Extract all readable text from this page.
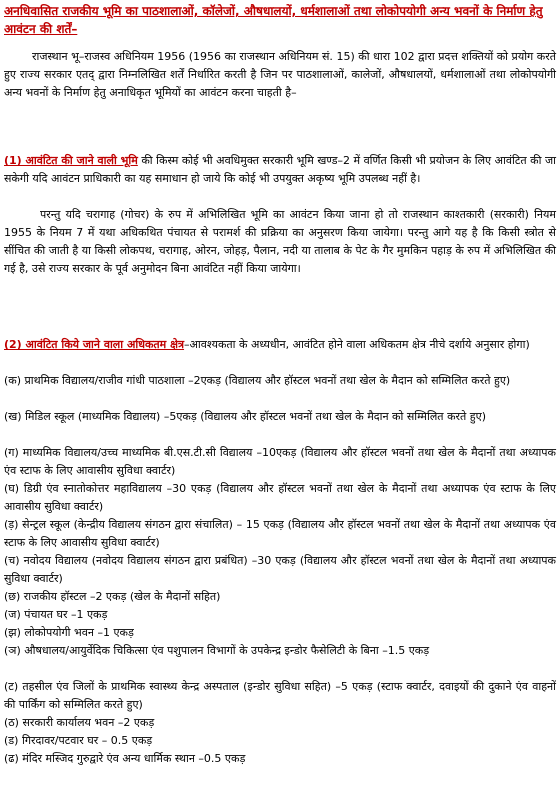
अनधिवासित राजकीय भूमि का पाठशालाओं, कॉलेजों, औषधालयों, धर्मशालाओं तथा लोकोपयोगी अन्य भवनों के निर्माण हेतु आवंटन की शर्तें–
राजस्थान भू–राजस्व अधिनियम 1956 (1956 का राजस्थान अधिनियम सं. 15) की धारा 102 द्वारा प्रदत्त शक्तियों को प्रयोग करते हुए राज्य सरकार एतद् द्वारा निम्नलिखित शर्तें निर्धारित करती है जिन पर पाठशालाओं, कालेजों, औषधालयों, धर्मशालाओं तथा लोकोपयोगी अन्य भवनों के निर्माण हेतु अनाधिकृत भूमियों का आवंटन करना चाहती है–
(1) आवंटित की जाने वाली भूमि की किस्म कोई भी अवधिमुक्त सरकारी भूमि खण्ड–2 में वर्णित किसी भी प्रयोजन के लिए आवंटित की जा सकेगी यदि आवंटन प्राधिकारी का यह समाधान हो जाये कि कोई भी उपयुक्त अकृष्य भूमि उपलब्ध नहीं है।
परन्तु यदि चरागाह (गोचर) के रुप में अभिलिखित भूमि का आवंटन किया जाना हो तो राजस्थान काश्तकारी (सरकारी) नियम 1955 के नियम 7 में यथा अधिकथित पंचायत से परामर्श की प्रक्रिया का अनुसरण किया जायेगा। परन्तु आगे यह है कि किसी स्त्रोत से सींचित की जाती है या किसी लोकपथ, चरागाह, ओरन, जोहड़, पैलान, नदी या तालाब के पेट के गैर मुमकिन पहाड़ के रुप में अभिलिखित की गई है, उसे राज्य सरकार के पूर्व अनुमोदन बिना आवंटित नहीं किया जायेगा।
(2) आवंटित किये जाने वाला अधिकतम क्षेत्र–आवश्यकता के अध्यधीन, आवंटित होने वाला अधिकतम क्षेत्र नीचे दर्शाये अनुसार होगा)
(क) प्राथमिक विद्यालय/राजीव गांधी पाठशाला –2एकड़ (विद्यालय और हॉस्टल भवनों तथा खेल के मैदान को सम्मिलित करते हुए)
(ख) मिडिल स्कूल (माध्यमिक विद्यालय) –5एकड़ (विद्यालय और हॉस्टल भवनों तथा खेल के मैदान को सम्मिलित करते हुए)
(ग) माध्यमिक विद्यालय/उच्च माध्यमिक बी.एस.टी.सी विद्यालय –10एकड़ (विद्यालय और हॉस्टल भवनों तथा खेल के मैदानों तथा अध्यापक एंव स्टाफ के लिए आवासीय सुविधा क्वार्टर)
(घ) डिग्री एंव स्नातोकोत्तर महाविद्यालय –30 एकड़ (विद्यालय और हॉस्टल भवनों तथा खेल के मैदानों तथा अध्यापक एंव स्टाफ के लिए आवासीय सुविधा क्वार्टर)
(ड़) सेन्ट्रल स्कूल (केन्द्रीय विद्यालय संगठन द्वारा संचालित) – 15 एकड़ (विद्यालय और हॉस्टल भवनों तथा खेल के मैदानों तथा अध्यापक एंव स्टाफ के लिए आवासीय सुविधा क्वार्टर)
(च) नवोदय विद्यालय (नवोदय विद्यालय संगठन द्वारा प्रबंधित) –30 एकड़ (विद्यालय और हॉस्टल भवनों तथा खेल के मैदानों तथा अध्यापक सुविधा क्वार्टर)
(छ) राजकीय हॉस्टल –2 एकड़ (खेल के मैदानों सहित)
(ज) पंचायत घर –1 एकड़
(झ) लोकोपयोगी भवन –1 एकड़
(ञ) औषधालय/आयुर्वेदिक चिकित्सा एंव पशुपालन विभागों के उपकेन्द्र इन्डोर फैसेलिटी के बिना –1.5 एकड़
(ट) तहसील एंव जिलों के प्राथमिक स्वास्थ्य केन्द्र अस्पताल (इन्डोर सुविधा सहित) –5 एकड़ (स्टाफ क्वार्टर, दवाइयों की दुकाने एंव वाहनों की पार्किंग को सम्मिलित करते हुए)
(ठ) सरकारी कार्यालय भवन –2 एकड़
(ड) गिरदावर/पटवार घर – 0.5 एकड़
(ढ) मंदिर मस्जिद गुरुद्वारे एंव अन्य धार्मिक स्थान –0.5 एकड़
